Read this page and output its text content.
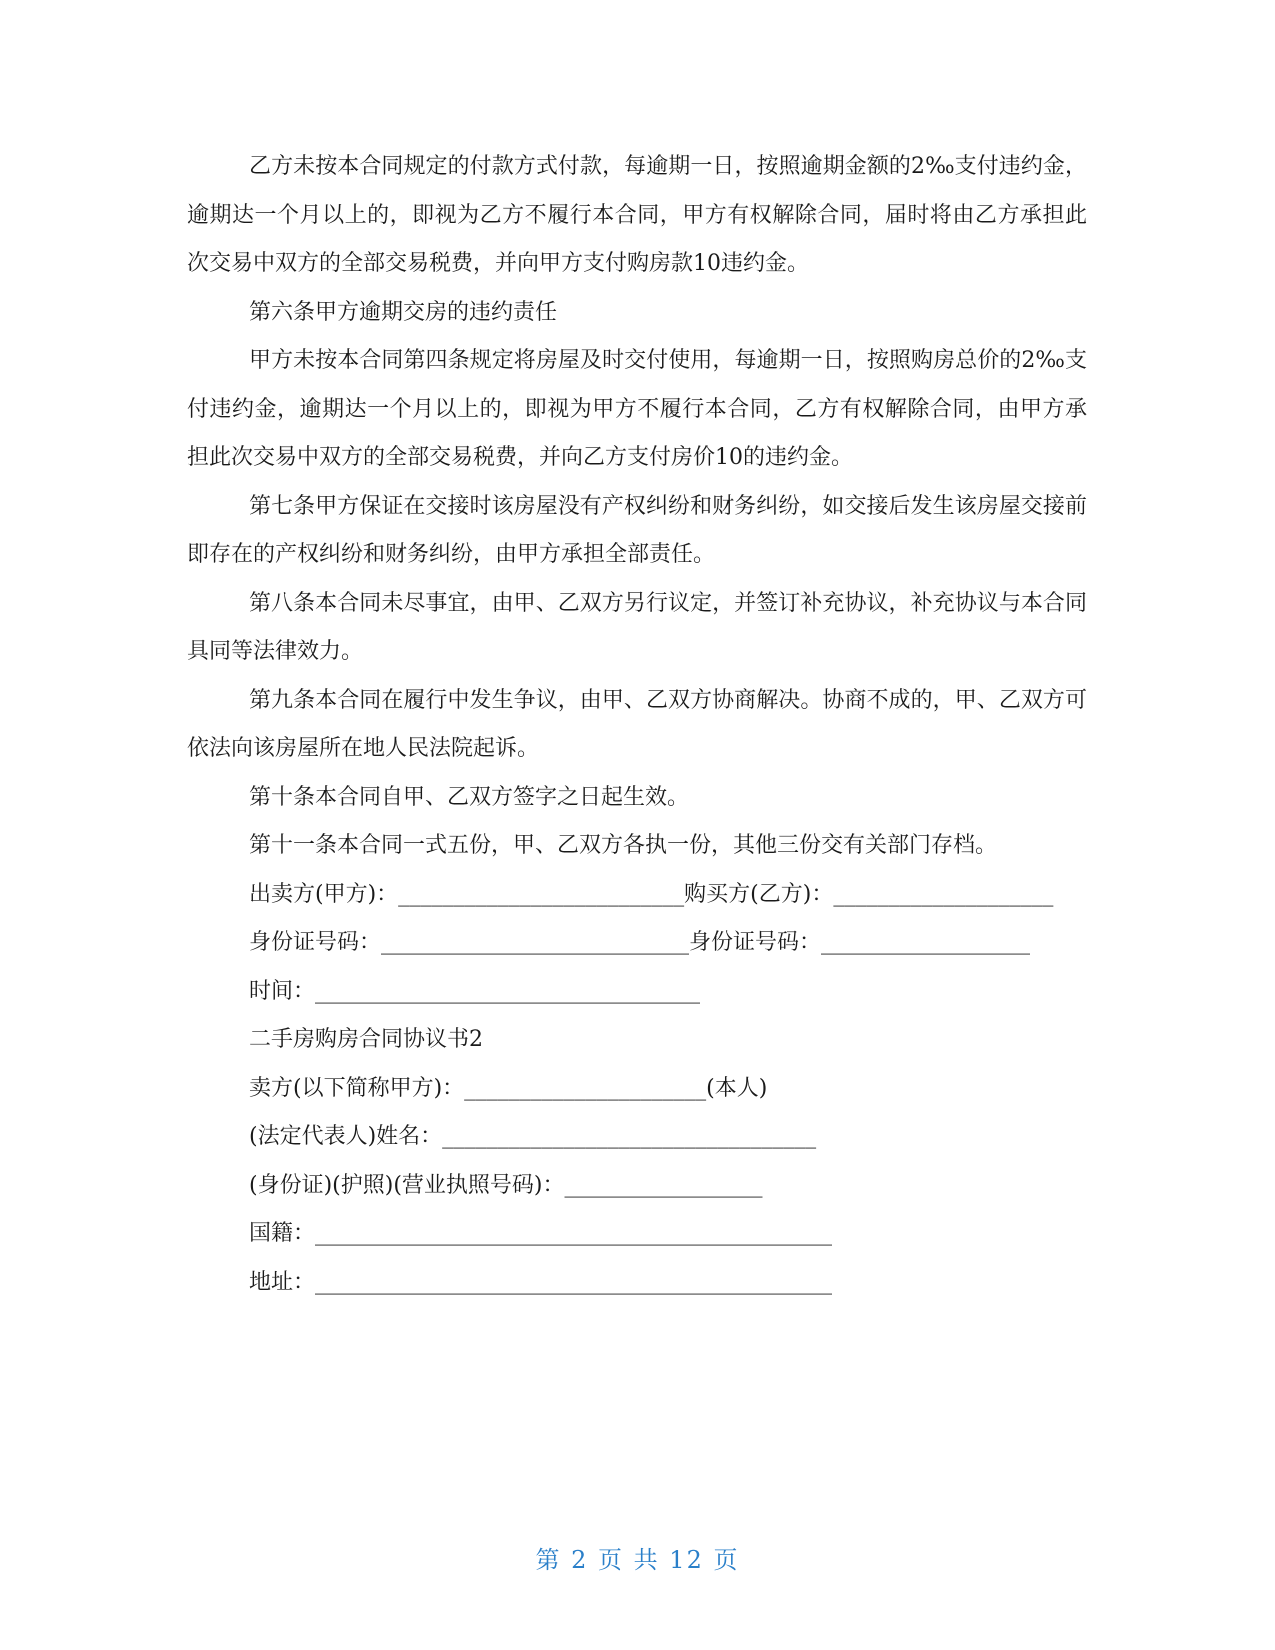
乙方未按本合同规定的付款方式付款，每逾期一日，按照逾期金额的2‰支付违约金，逾期达一个月以上的，即视为乙方不履行本合同，甲方有权解除合同，届时将由乙方承担此次交易中双方的全部交易税费，并向甲方支付购房款10违约金。

第六条甲方逾期交房的违约责任

甲方未按本合同第四条规定将房屋及时交付使用，每逾期一日，按照购房总价的2‰支付违约金，逾期达一个月以上的，即视为甲方不履行本合同，乙方有权解除合同，由甲方承担此次交易中双方的全部交易税费，并向乙方支付房价10的违约金。

第七条甲方保证在交接时该房屋没有产权纠纷和财务纠纷，如交接后发生该房屋交接前即存在的产权纠纷和财务纠纷，由甲方承担全部责任。

第八条本合同未尽事宜，由甲、乙双方另行议定，并签订补充协议，补充协议与本合同具同等法律效力。

第九条本合同在履行中发生争议，由甲、乙双方协商解决。协商不成的，甲、乙双方可依法向该房屋所在地人民法院起诉。

第十条本合同自甲、乙双方签字之日起生效。

第十一条本合同一式五份，甲、乙双方各执一份，其他三份交有关部门存档。

出卖方(甲方)：__________________________购买方(乙方)：____________________

身份证号码：____________________________身份证号码：___________________

时间：___________________________________

二手房购房合同协议书2

卖方(以下简称甲方)：______________________(本人)

(法定代表人)姓名：__________________________________

(身份证)(护照)(营业执照号码)：__________________

国籍：_______________________________________________

地址：_______________________________________________

第 2 页 共 12 页
